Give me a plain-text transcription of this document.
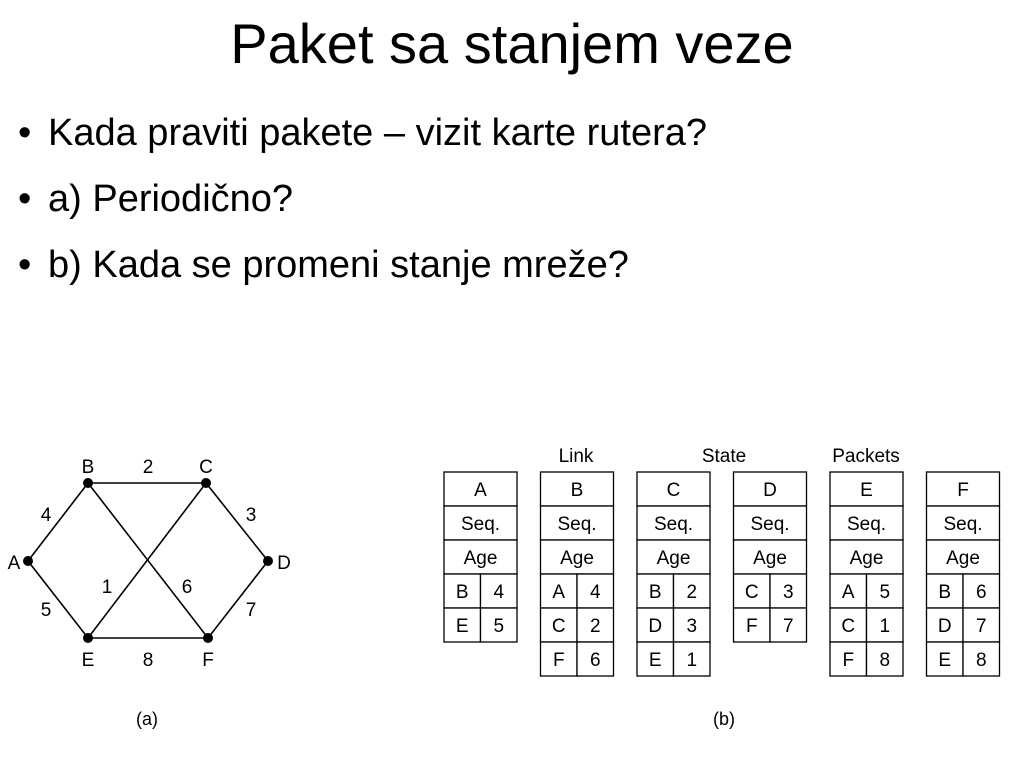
Paket sa stanjem veze
• Kada praviti pakete – vizit karte rutera?
• a) Periodično?
• b) Kada se promeni stanje mreže?
2
4	3
5	7
8
1	6
A
B	C
D
E	F
(a)
Link	State	Packets
A
Seq.
Age
B 4
E 5
B
Seq.
Age
A 4
C 2
F 6
C
Seq.
Age
B 2
D 3
E 1
D
Seq.
Age
C 3
F 7
E
Seq.
Age
A 5
C 1
F 8
F
Seq.
Age
B 6
D 7
E 8
(b)
